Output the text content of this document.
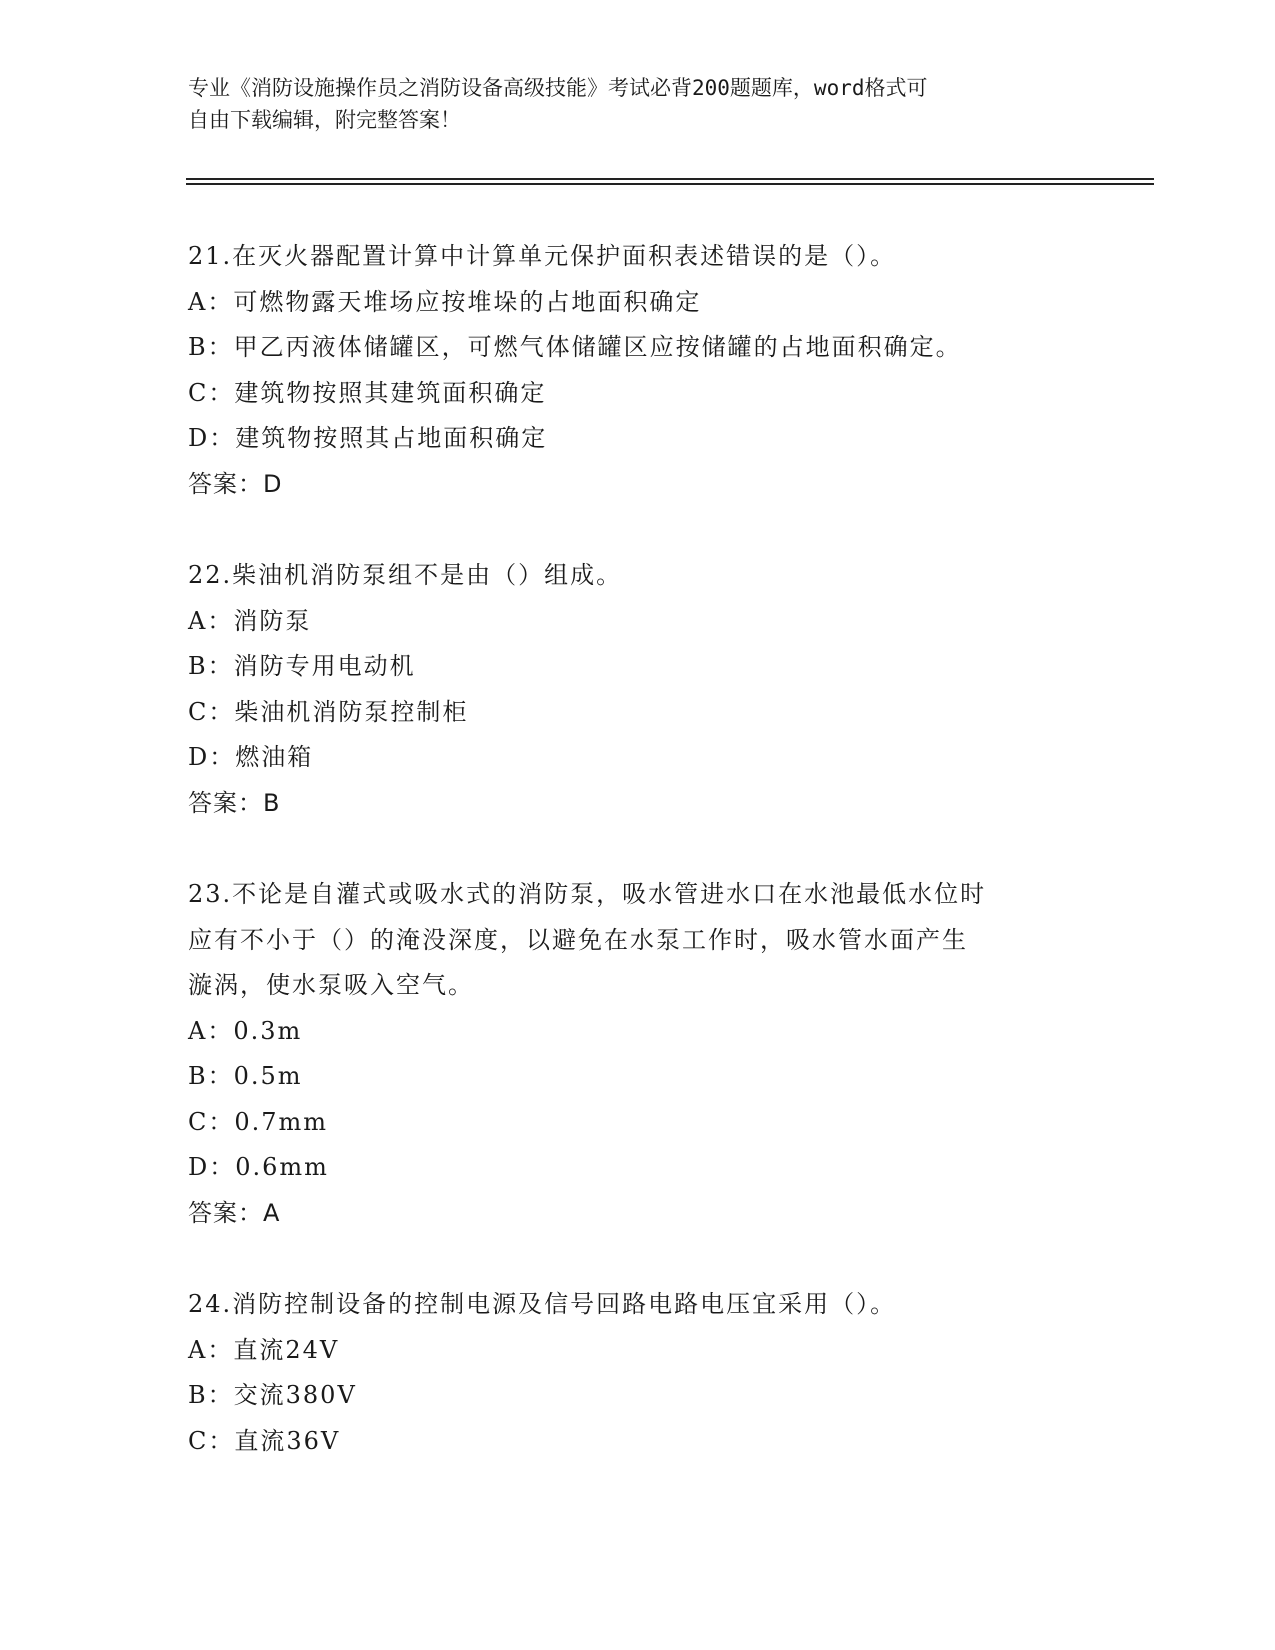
专业《消防设施操作员之消防设备高级技能》考试必背200题题库，word格式可

自由下载编辑，附完整答案！

21.在灭火器配置计算中计算单元保护面积表述错误的是（）。
A：可燃物露天堆场应按堆垛的占地面积确定
B：甲乙丙液体储罐区，可燃气体储罐区应按储罐的占地面积确定。
C：建筑物按照其建筑面积确定
D：建筑物按照其占地面积确定
答案：D
22.柴油机消防泵组不是由（）组成。
A：消防泵
B：消防专用电动机
C：柴油机消防泵控制柜
D：燃油箱
答案：B
23.不论是自灌式或吸水式的消防泵，吸水管进水口在水池最低水位时
应有不小于（）的淹没深度，以避免在水泵工作时，吸水管水面产生
漩涡，使水泵吸入空气。
A：0.3m
B：0.5m
C：0.7mm
D：0.6mm
答案：A
24.消防控制设备的控制电源及信号回路电路电压宜采用（）。
A：直流24V
B：交流380V
C：直流36V
